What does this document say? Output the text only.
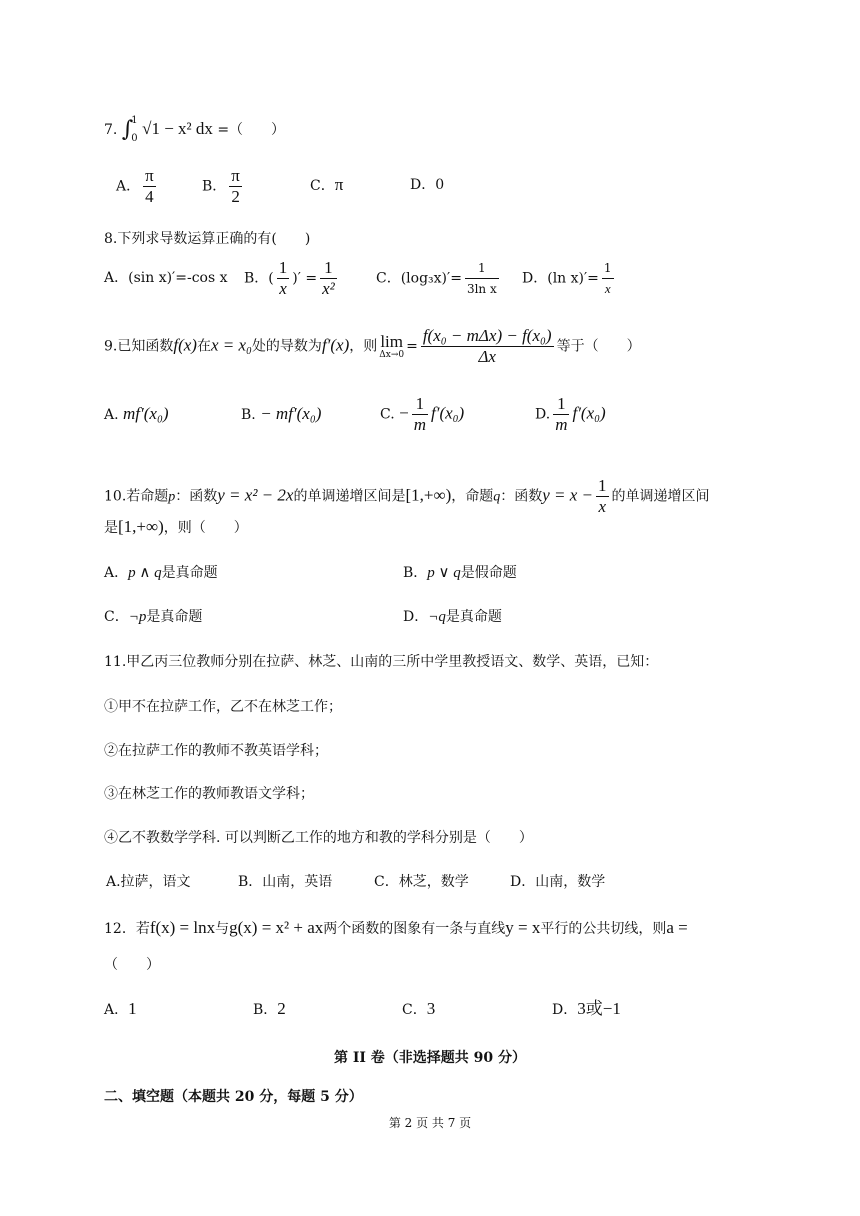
7. ∫
1
0
√1 − x² dx =（　　）
A． $\frac{\pi}{4}$	B． $\frac{\pi}{2}$	C．π	D．0
8.下列求导数运算正确的有(　　)
A．(sin x)′=-cos x B．( $\frac{1}{x}$ )′ = $\frac{1}{\text{x²}}$	C．$(\log_3x)'= \frac{1}{\text{3ln x}}$ D．(ln $x)'= \frac{1}{x}$
9.已知函数f(x)在x = x₀处的导数为f′(x)，则 lim
$\Delta x\to 0 = \frac{\text{f(x₀ − mΔx) − f(x₀)}}{\Delta x}$ 等于（　　）
A. mf′(x₀)	B. − mf′(x₀)	C. − $\frac{1}{m} f'(x_0)$	D. $\frac{1}{m} f'(x_0)$
10.若命题p：函数y = x² − 2x的单调递增区间是[1,+∞)，命题q：函数$y = x - \frac{1}{x}$ 的单调递增区间
是[1,+∞)，则（　　）
A．p ∧ q是真命题	B．p ∨ q是假命题
C．¬p是真命题	D．¬q是真命题
11.甲乙丙三位教师分别在拉萨、林芝、山南的三所中学里教授语文、数学、英语，已知：
①甲不在拉萨工作，乙不在林芝工作；
②在拉萨工作的教师不教英语学科；
③在林芝工作的教师教语文学科；
④乙不教数学学科. 可以判断乙工作的地方和教的学科分别是（　　）
A.拉萨，语文	B．山南，英语	C．林芝，数学	D．山南，数学
12．若f(x) = lnx与g(x) = x² + ax两个函数的图象有一条与直线y = x平行的公共切线，则a =
（　　）
A．1	B．2	C．3	D．3或−1
第 II 卷（非选择题共 90 分）
二、填空题（本题共 20 分，每题 5 分）
第 2 页 共 7 页
